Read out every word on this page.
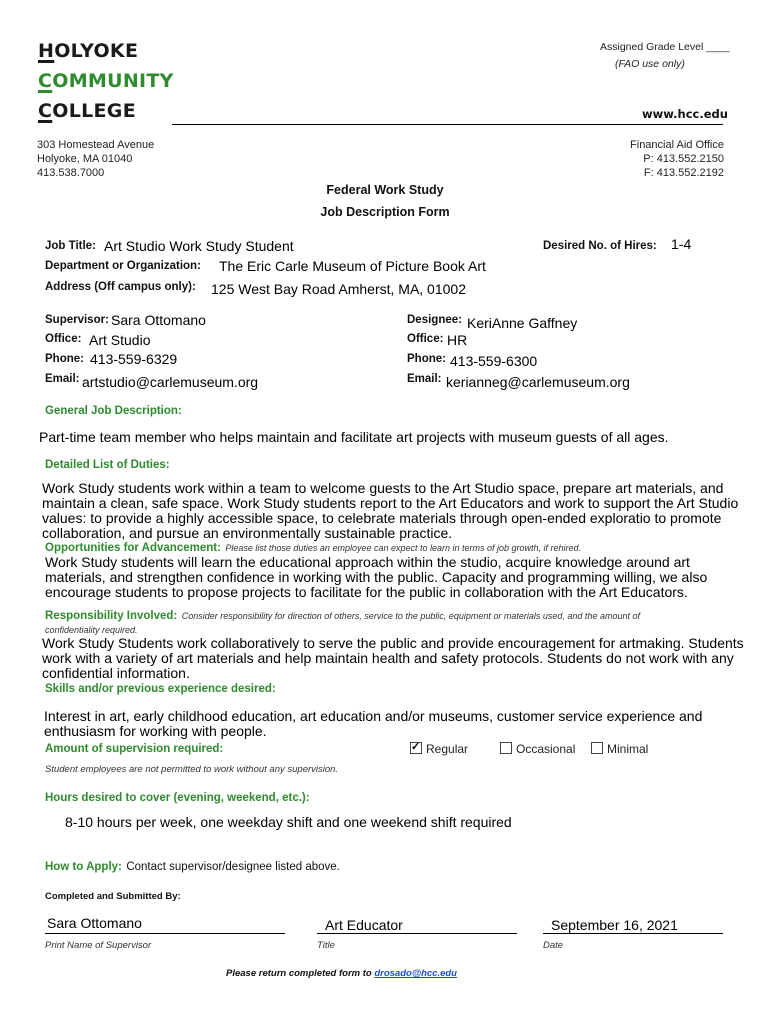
HOLYOKE
COMMUNITY
COLLEGE
Assigned Grade Level ____
(FAO use only)
www.hcc.edu
303 Homestead Avenue
Holyoke, MA 01040
413.538.7000
Financial Aid Office
P: 413.552.2150
F: 413.552.2192
Federal Work Study
Job Description Form
Job Title: Art Studio Work Study Student	Desired No. of Hires: 1-4
Department or Organization: The Eric Carle Museum of Picture Book Art
Address (Off campus only): 125 West Bay Road Amherst, MA, 01002
Supervisor: Sara Ottomano
Office: Art Studio
Phone: 413-559-6329
Email: artstudio@carlemuseum.org
Designee: KeriAnne Gaffney
Office: HR
Phone: 413-559-6300
Email: kerianneg@carlemuseum.org
General Job Description:
Part-time team member who helps maintain and facilitate art projects with museum guests of all ages.
Detailed List of Duties:
Work Study students work within a team to welcome guests to the Art Studio space, prepare art materials, and maintain a clean, safe space. Work Study students report to the Art Educators and work to support the Art Studio values: to provide a highly accessible space, to celebrate materials through open-ended exploratio to promote collaboration, and pursue an environmentally sustainable practice.
Opportunities for Advancement: Please list those duties an employee can expect to learn in terms of job growth, if rehired.
Work Study students will learn the educational approach within the studio, acquire knowledge around art materials, and strengthen confidence in working with the public. Capacity and programming willing, we also encourage students to propose projects to facilitate for the public in collaboration with the Art Educators.
Responsibility Involved: Consider responsibility for direction of others, service to the public, equipment or materials used, and the amount of
confidentiality required.
Work Study Students work collaboratively to serve the public and provide encouragement for artmaking. Students work with a variety of art materials and help maintain health and safety protocols. Students do not work with any confidential information.
Skills and/or previous experience desired:
Interest in art, early childhood education, art education and/or museums, customer service experience and enthusiasm for working with people.
Amount of supervision required:
✓	Regular	Occasional	Minimal
Student employees are not permitted to work without any supervision.
Hours desired to cover (evening, weekend, etc.):
8-10 hours per week, one weekday shift and one weekend shift required
How to Apply: Contact supervisor/designee listed above.
Completed and Submitted By:
Sara Ottomano
Print Name of Supervisor
Art Educator
Title
September 16, 2021
Date
Please return completed form to drosado@hcc.edu
